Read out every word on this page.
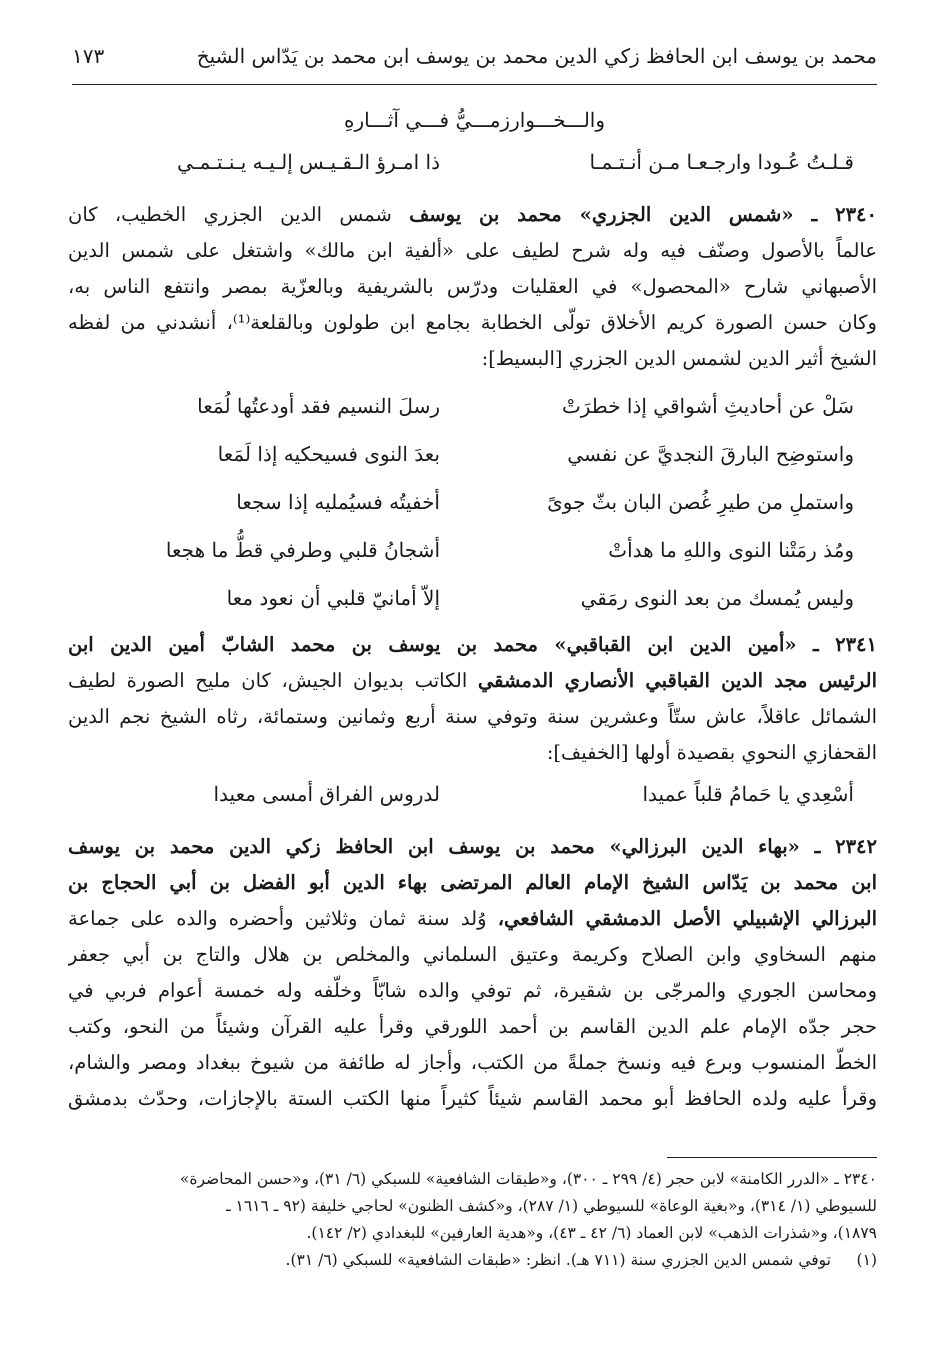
محمد بن يوسف ابن الحافظ زكي الدين محمد بن يوسف ابن محمد بن يَدّاس الشيخ
١٧٣
والـــخـــوارزمـــيُّ فـــي آثـــارهِ
قـلـتُ عُـودا وارجـعـا مـن أنـتـمـا
ذا امـرؤ الـقـيـس إلـيـه يـنـتـمـي
٢٣٤٠ ـ «شمس الدين الجزري» محمد بن يوسف شمس الدين الجزري الخطيب، كان
عالماً بالأصول وصنّف فيه وله شرح لطيف على «ألفية ابن مالك» واشتغل على شمس الدين
الأصبهاني شارح «المحصول» في العقليات ودرّس بالشريفية وبالعزّية بمصر وانتفع الناس به،
وكان حسن الصورة كريم الأخلاق تولّى الخطابة بجامع ابن طولون وبالقلعة⁽¹⁾، أنشدني من لفظه
الشيخ أثير الدين لشمس الدين الجزري [البسيط]:
سَلْ عن أحاديثِ أشواقي إذا خطرَتْ
رسلَ النسيم فقد أودعتُها لُمَعا
واستوضِح البارقَ النجديَّ عن نفسي
بعدَ النوى فسيحكيه إذا لَمَعا
واستملِ من طيرِ غُصن البان بثّ جوىً
أخفيتُه فسيُمليه إذا سجعا
ومُذ رمَتْنا النوى واللهِ ما هدأتْ
أشجانُ قلبي وطرفي قطُّ ما هجعا
وليس يُمسك من بعد النوى رمَقي
إلاّ أمانيّ قلبي أن نعود معا
٢٣٤١ ـ «أمين الدين ابن القباقبي» محمد بن يوسف بن محمد الشابّ أمين الدين ابن
الرئيس مجد الدين القباقبي الأنصاري الدمشقي الكاتب بديوان الجيش، كان مليح الصورة لطيف
الشمائل عاقلاً، عاش ستّاً وعشرين سنة وتوفي سنة أربع وثمانين وستمائة، رثاه الشيخ نجم الدين
القحفازي النحوي بقصيدة أولها [الخفيف]:
أسْعِدي يا حَمامُ قلباً عميدا
لدروس الفراق أمسى معيدا
٢٣٤٢ ـ «بهاء الدين البرزالي» محمد بن يوسف ابن الحافظ زكي الدين محمد بن يوسف
ابن محمد بن يَدّاس الشيخ الإمام العالم المرتضى بهاء الدين أبو الفضل بن أبي الحجاج بن
البرزالي الإشبيلي الأصل الدمشقي الشافعي، وُلد سنة ثمان وثلاثين وأحضره والده على جماعة
منهم السخاوي وابن الصلاح وكريمة وعتيق السلماني والمخلص بن هلال والتاج بن أبي جعفر
ومحاسن الجوري والمرجّى بن شقيرة، ثم توفي والده شابّاً وخلّفه وله خمسة أعوام فربي في
حجر جدّه الإمام علم الدين القاسم بن أحمد اللورقي وقرأ عليه القرآن وشيئاً من النحو، وكتب
الخطّ المنسوب وبرع فيه ونسخ جملةً من الكتب، وأجاز له طائفة من شيوخ ببغداد ومصر والشام،
وقرأ عليه ولده الحافظ أبو محمد القاسم شيئاً كثيراً منها الكتب الستة بالإجازات، وحدّث بدمشق
٢٣٤٠ ـ «الدرر الكامنة» لابن حجر (٤/ ٢٩٩ ـ ٣٠٠)، و«طبقات الشافعية» للسبكي (٦/ ٣١)، و«حسن المحاضرة»
للسيوطي (١/ ٣١٤)، و«بغية الوعاة» للسيوطي (١/ ٢٨٧)، و«كشف الظنون» لحاجي خليفة (٩٢ ـ ١٦١٦ ـ
١٨٧٩)، و«شذرات الذهب» لابن العماد (٦/ ٤٢ ـ ٤٣)، و«هدية العارفين» للبغدادي (٢/ ١٤٢).
(١)توفي شمس الدين الجزري سنة (٧١١ هـ). انظر: «طبقات الشافعية» للسبكي (٦/ ٣١).
